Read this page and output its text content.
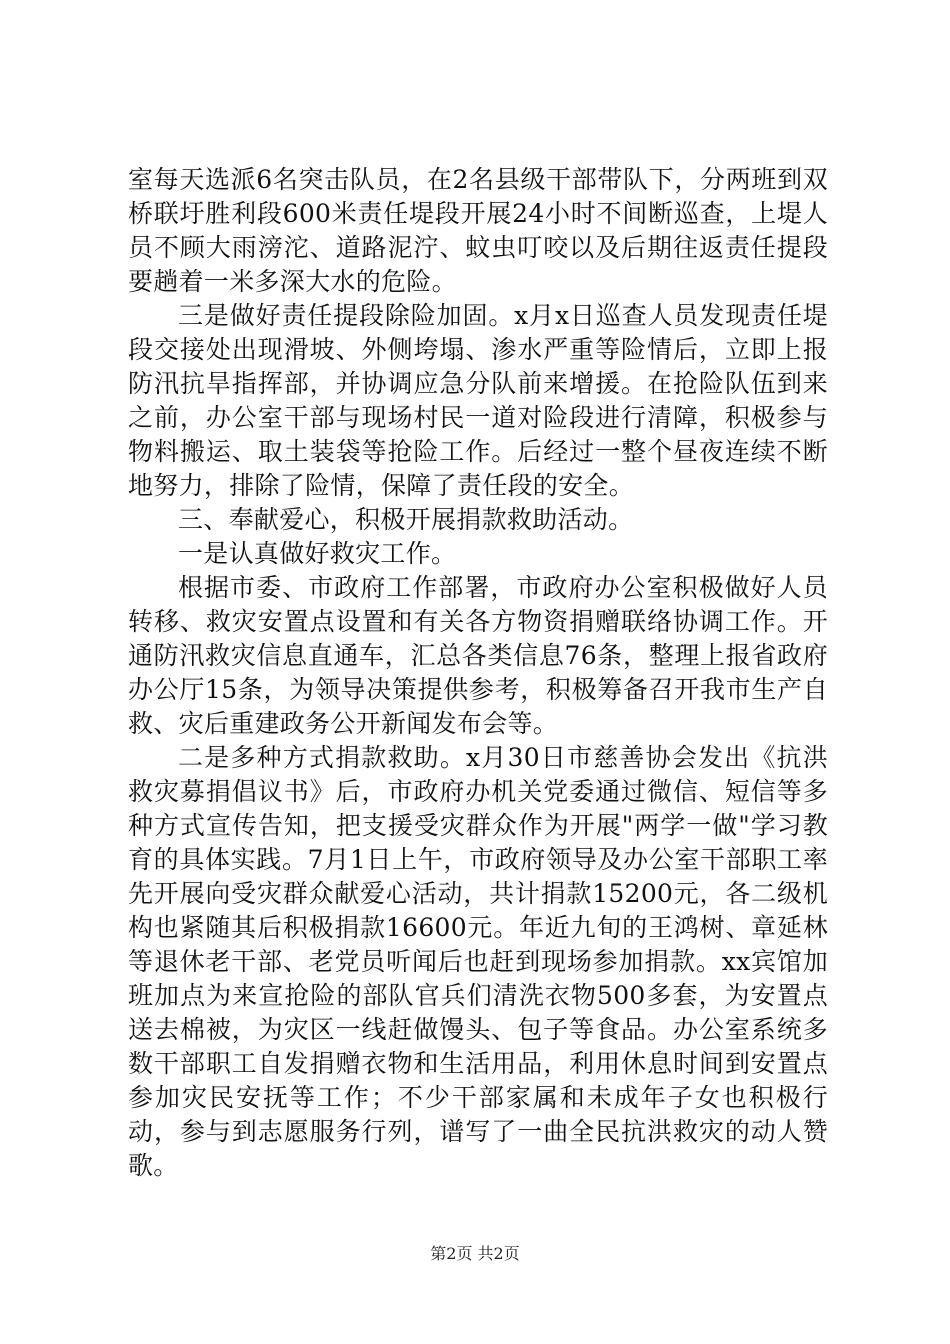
室每天选派6名突击队员，在2名县级干部带队下，分两班到双桥联圩胜利段600米责任堤段开展24小时不间断巡查，上堤人员不顾大雨滂沱、道路泥泞、蚊虫叮咬以及后期往返责任提段要趟着一米多深大水的危险。

三是做好责任提段除险加固。x月x日巡查人员发现责任堤段交接处出现滑坡、外侧垮塌、渗水严重等险情后，立即上报防汛抗旱指挥部，并协调应急分队前来增援。在抢险队伍到来之前，办公室干部与现场村民一道对险段进行清障，积极参与物料搬运、取土装袋等抢险工作。后经过一整个昼夜连续不断地努力，排除了险情，保障了责任段的安全。

三、奉献爱心，积极开展捐款救助活动。

一是认真做好救灾工作。

根据市委、市政府工作部署，市政府办公室积极做好人员转移、救灾安置点设置和有关各方物资捐赠联络协调工作。开通防汛救灾信息直通车，汇总各类信息76条，整理上报省政府办公厅15条，为领导决策提供参考，积极筹备召开我市生产自救、灾后重建政务公开新闻发布会等。

二是多种方式捐款救助。x月30日市慈善协会发出《抗洪救灾募捐倡议书》后，市政府办机关党委通过微信、短信等多种方式宣传告知，把支援受灾群众作为开展"两学一做"学习教育的具体实践。7月1日上午，市政府领导及办公室干部职工率先开展向受灾群众献爱心活动，共计捐款15200元，各二级机构也紧随其后积极捐款16600元。年近九旬的王鸿树、章延林等退休老干部、老党员听闻后也赶到现场参加捐款。xx宾馆加班加点为来宣抢险的部队官兵们清洗衣物500多套，为安置点送去棉被，为灾区一线赶做馒头、包子等食品。办公室系统多数干部职工自发捐赠衣物和生活用品，利用休息时间到安置点参加灾民安抚等工作；不少干部家属和未成年子女也积极行动，参与到志愿服务行列，谱写了一曲全民抗洪救灾的动人赞歌。

第2页 共2页
